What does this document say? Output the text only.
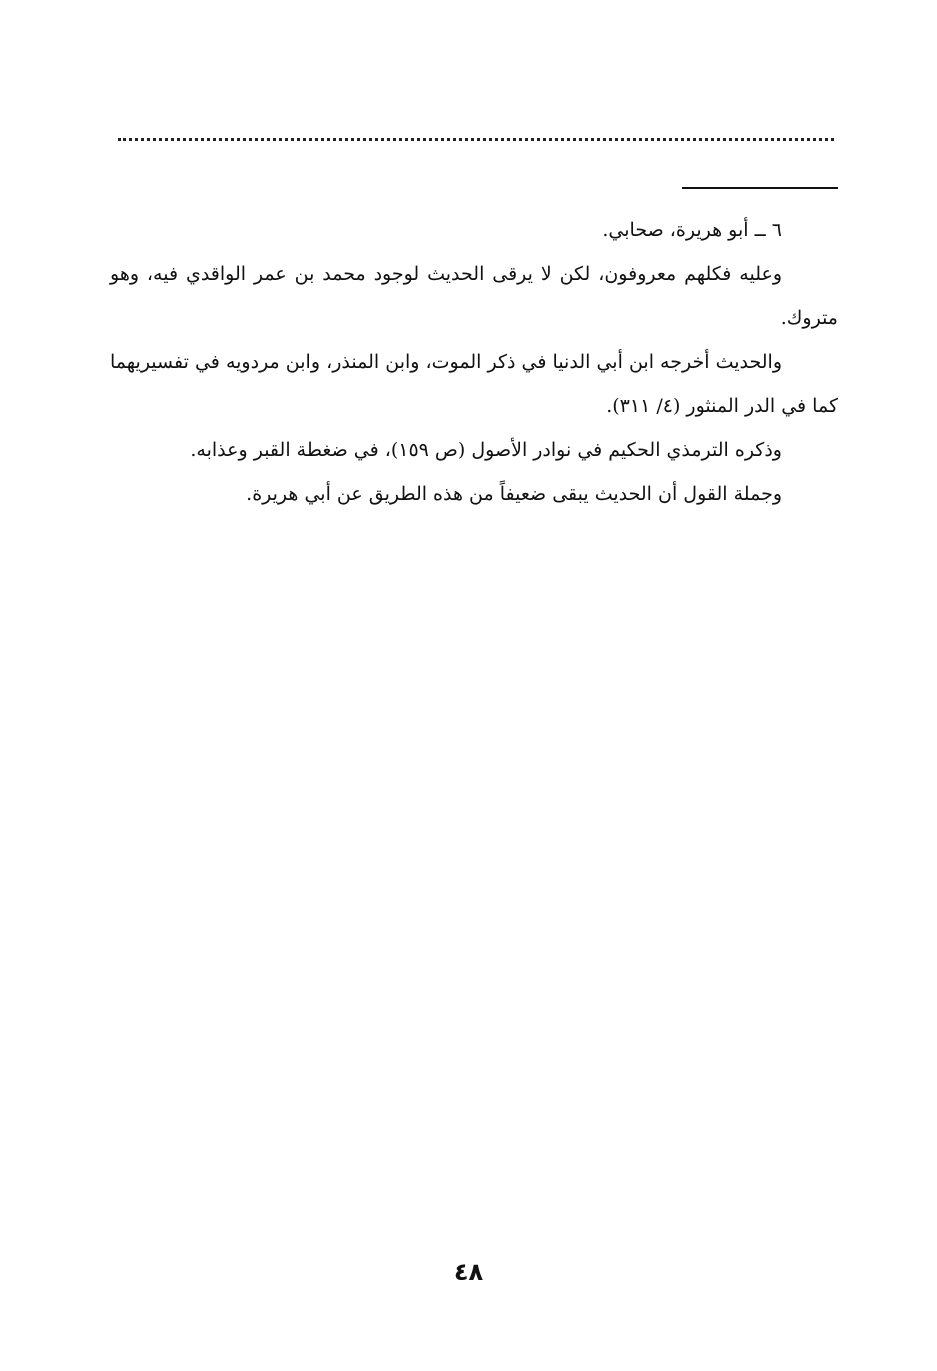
٦ ــ أبو هريرة، صحابي.

وعليه فكلهم معروفون، لكن لا يرقى الحديث لوجود محمد بن عمر الواقدي فيه، وهو متروك.

والحديث أخرجه ابن أبي الدنيا في ذكر الموت، وابن المنذر، وابن مردويه في تفسيريهما كما في الدر المنثور (٤/ ٣١١).

وذكره الترمذي الحكيم في نوادر الأصول (ص ١٥٩)، في ضغطة القبر وعذابه.

وجملة القول أن الحديث يبقى ضعيفاً من هذه الطريق عن أبي هريرة.

٤٨
